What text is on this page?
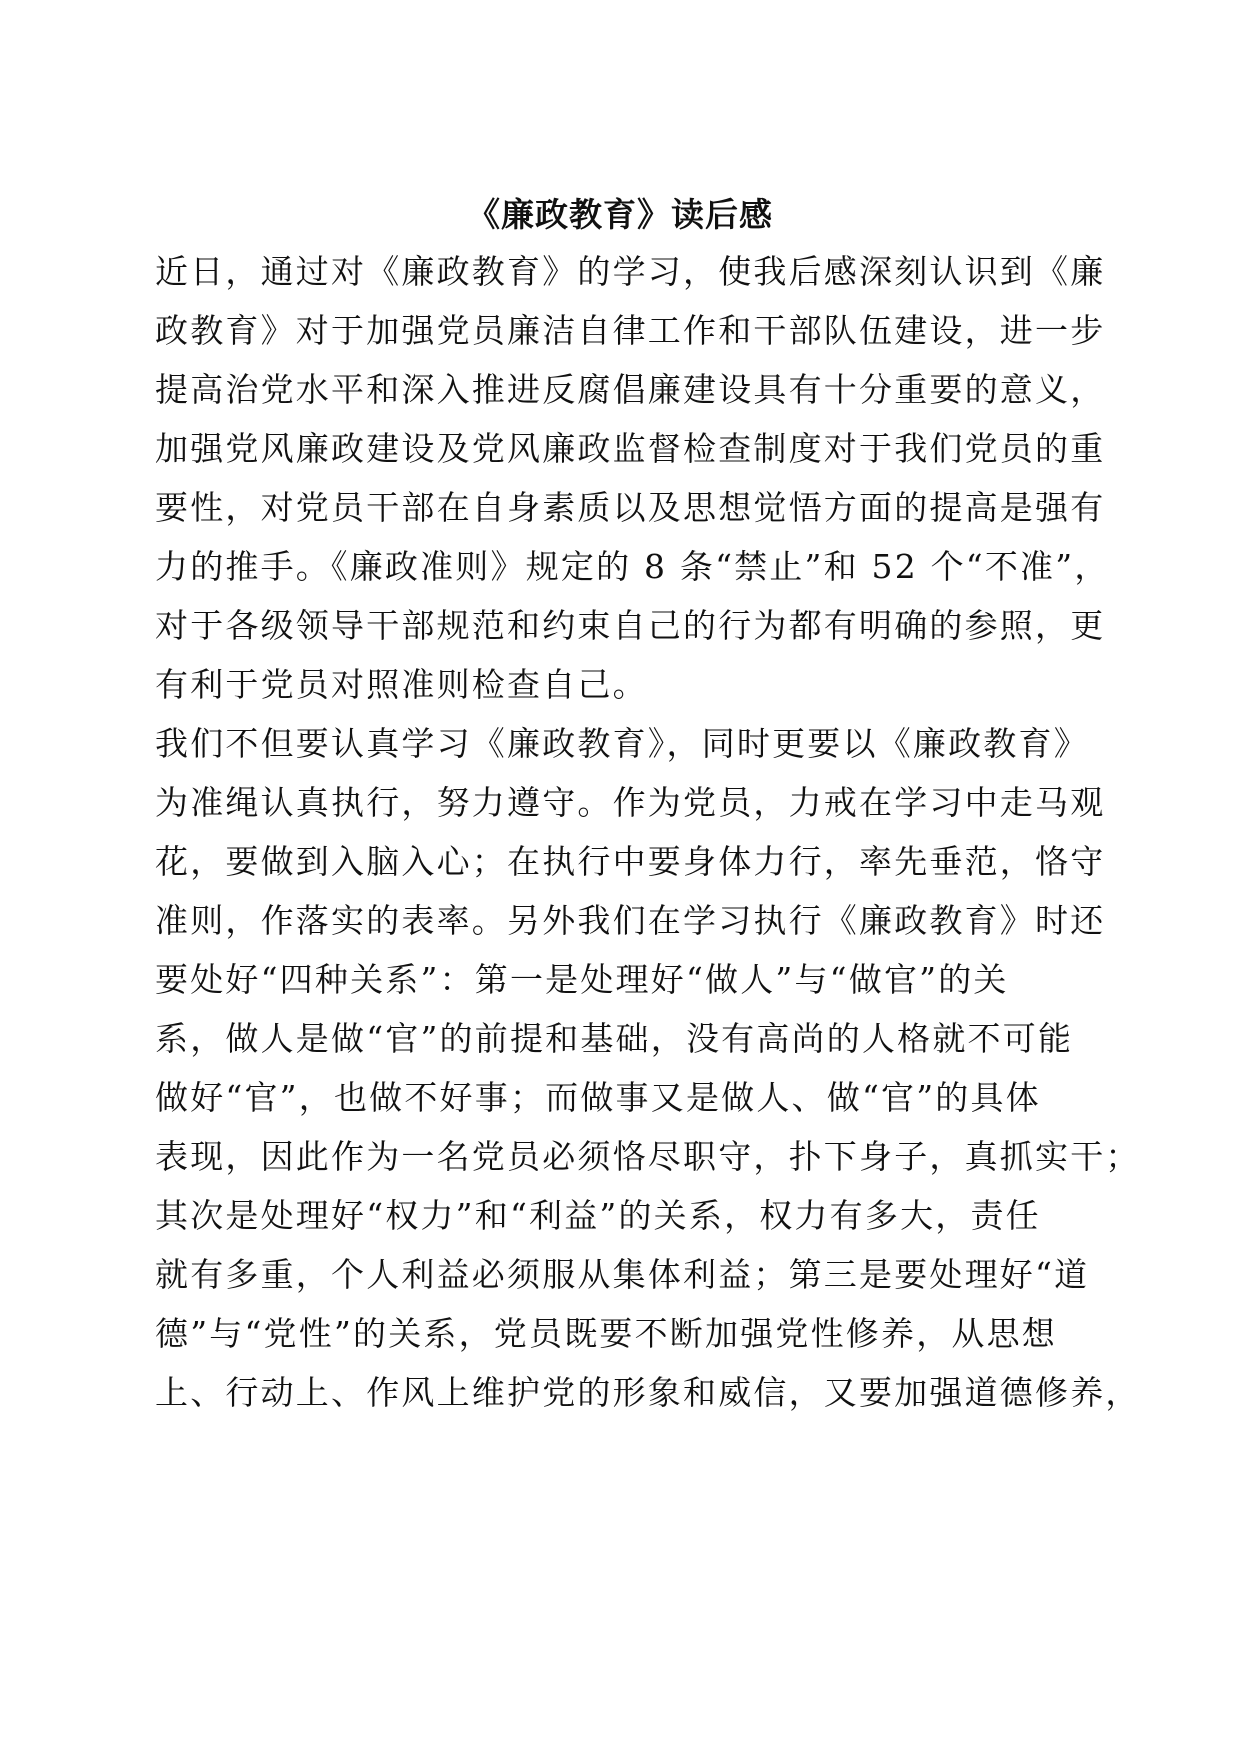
《廉政教育》读后感
近日，通过对《廉政教育》的学习，使我后感深刻认识到《廉
政教育》对于加强党员廉洁自律工作和干部队伍建设，进一步
提高治党水平和深入推进反腐倡廉建设具有十分重要的意义，
加强党风廉政建设及党风廉政监督检查制度对于我们党员的重
要性，对党员干部在自身素质以及思想觉悟方面的提高是强有
力的推手。《廉政准则》规定的 8 条“禁止”和 52 个“不准”，
对于各级领导干部规范和约束自己的行为都有明确的参照，更
有利于党员对照准则检查自己。
我们不但要认真学习《廉政教育》，同时更要以《廉政教育》
为准绳认真执行，努力遵守。作为党员，力戒在学习中走马观
花，要做到入脑入心；在执行中要身体力行，率先垂范，恪守
准则，作落实的表率。另外我们在学习执行《廉政教育》时还
要处好“四种关系”：第一是处理好“做人”与“做官”的关
系，做人是做“官”的前提和基础，没有高尚的人格就不可能
做好“官”，也做不好事；而做事又是做人、做“官”的具体
表现，因此作为一名党员必须恪尽职守，扑下身子，真抓实干；
其次是处理好“权力”和“利益”的关系，权力有多大，责任
就有多重，个人利益必须服从集体利益；第三是要处理好“道
德”与“党性”的关系，党员既要不断加强党性修养，从思想
上、行动上、作风上维护党的形象和威信，又要加强道德修养，
